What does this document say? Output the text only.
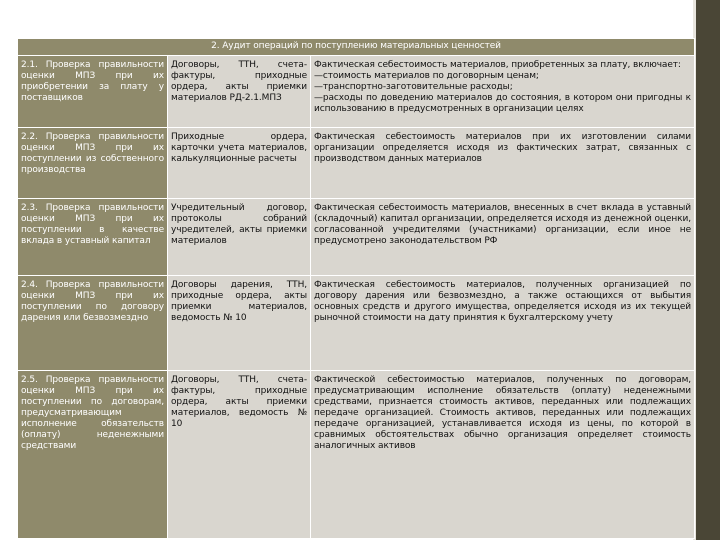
2. Аудит операций по поступлению материальных ценностей		
2.1. Проверка правильности оценки МПЗ при их приобретении за плату у поставщиков	Договоры, ТТН, счета-фактуры, приходные ордера, акты приемки материалов РД-2.1.МПЗ	Фактическая себестоимость материалов, приобретенных за плату, включает:
—стоимость материалов по договорным ценам;
—транспортно-заготовительные расходы;
—расходы по доведению материалов до состояния, в котором они пригодны к использованию в предусмотренных в организации целях

2.2. Проверка правильности оценки МПЗ при их поступлении из собственного производства	Приходные ордера, карточки учета материалов, калькуляционные расчеты	Фактическая себестоимость материалов при их изготовлении силами организации определяется исходя из фактических затрат, связанных с производством данных материалов
2.3. Проверка правильности оценки МПЗ при их поступлении в качестве вклада в уставный капитал	Учредительный договор, протоколы собраний учредителей, акты приемки материалов	Фактическая себестоимость материалов, внесенных в счет вклада в уставный (складочный) капитал организации, определяется исходя из денежной оценки, согласованной учредителями (участниками) организации, если иное не предусмотрено законодательством РФ
2.4. Проверка правильности оценки МПЗ при их поступлении по договору дарения или безвозмездно	Договоры дарения, ТТН, приходные ордера, акты приемки материалов, ведомость № 10	Фактическая себестоимость материалов, полученных организацией по договору дарения или безвозмездно, а также остающихся от выбытия основных средств и другого имущества, определяется исходя из их текущей рыночной стоимости на дату принятия к бухгалтерскому учету
2.5. Проверка правильности оценки МПЗ при их поступлении по договорам, предусматривающим исполнение обязательств (оплату) неденежными средствами	Договоры, ТТН, счета-фактуры, приходные ордера, акты приемки материалов, ведомость № 10	Фактической себестоимостью материалов, полученных по договорам, предусматривающим исполнение обязательств (оплату) неденежными средствами, признается стоимость активов, переданных или подлежащих передаче организацией. Стоимость активов, переданных или подлежащих передаче организацией, устанавливается исходя из цены, по которой в сравнимых обстоятельствах обычно организация определяет стоимость аналогичных активов
